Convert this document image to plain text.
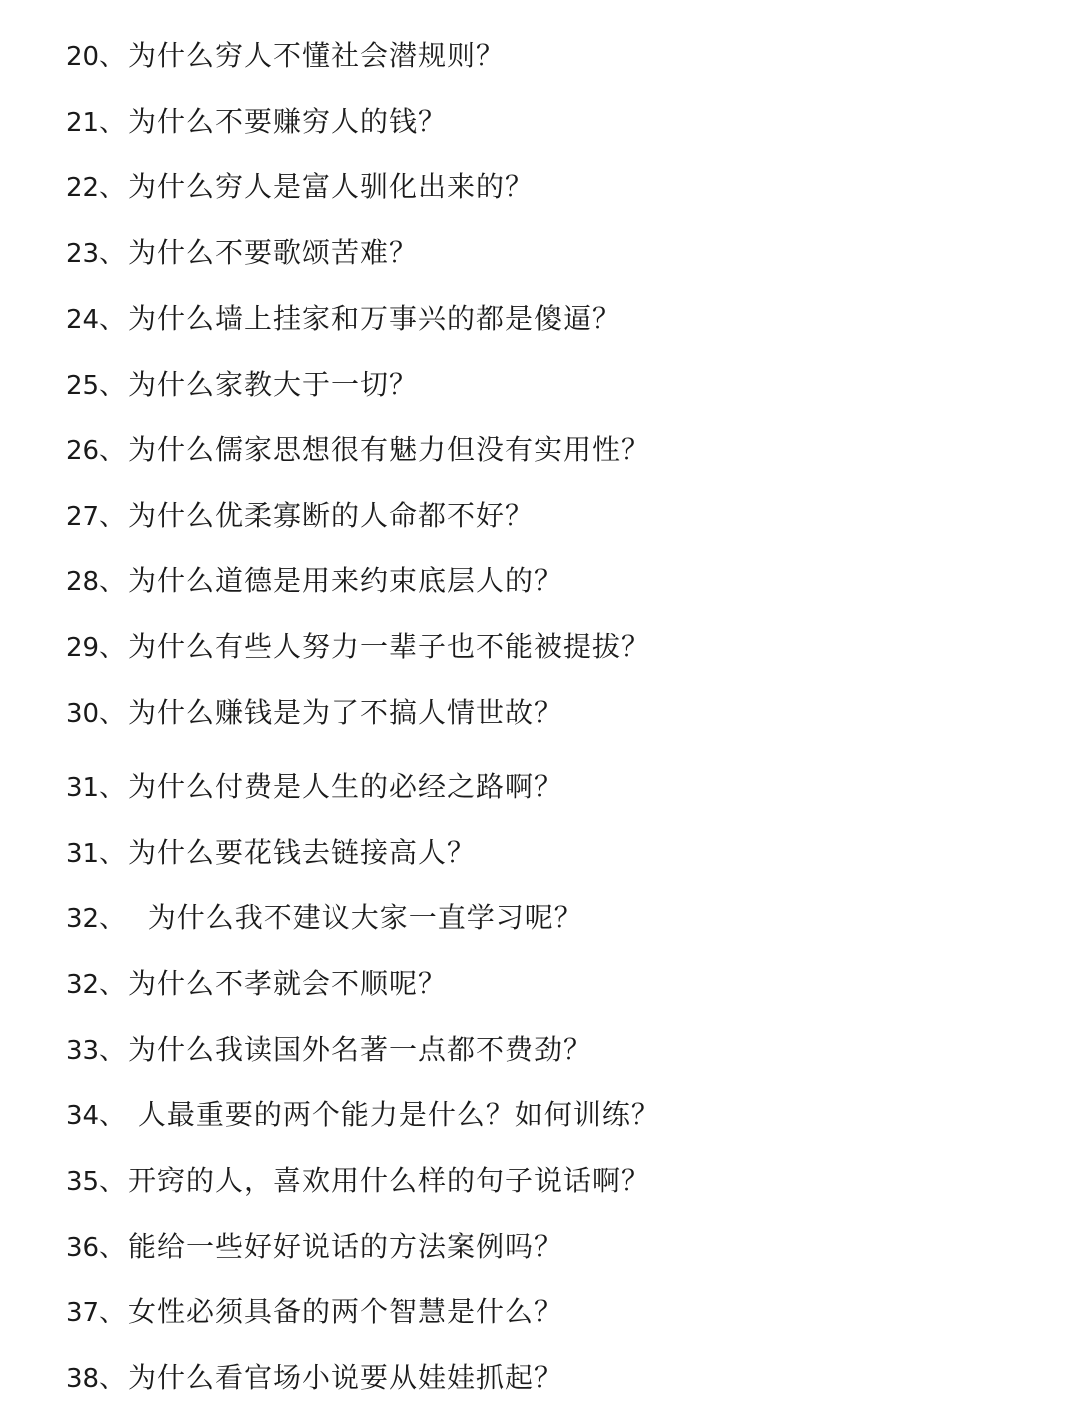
20、 为什么穷人不懂社会潜规则？
21、 为什么不要赚穷人的钱？
22、 为什么穷人是富人驯化出来的？
23、 为什么不要歌颂苦难？
24、 为什么墙上挂家和万事兴的都是傻逼？
25、 为什么家教大于一切？
26、 为什么儒家思想很有魅力但没有实用性？
27、 为什么优柔寡断的人命都不好？
28、 为什么道德是用来约束底层人的？
29、 为什么有些人努力一辈子也不能被提拔？
30、 为什么赚钱是为了不搞人情世故？
31、 为什么付费是人生的必经之路啊？
31、 为什么要花钱去链接高人？
32、  为什么我不建议大家一直学习呢？
32、 为什么不孝就会不顺呢？
33、 为什么我读国外名著一点都不费劲？
34、 人最重要的两个能力是什么？如何训练？
35、 开窍的人，喜欢用什么样的句子说话啊？
36、 能给一些好好说话的方法案例吗？
37、 女性必须具备的两个智慧是什么？
38、 为什么看官场小说要从娃娃抓起？
